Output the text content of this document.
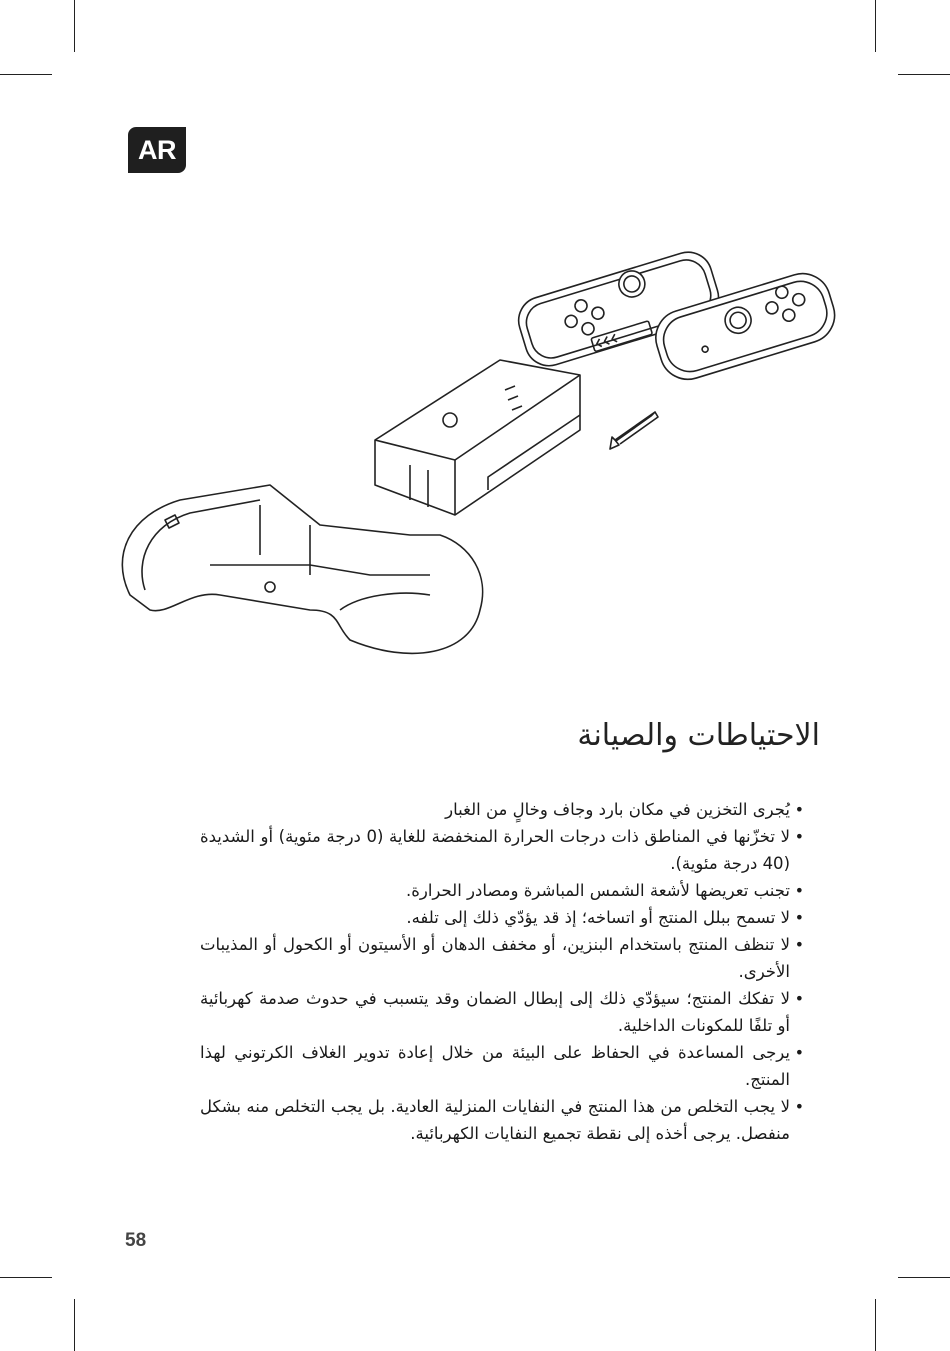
AR
الاحتياطات والصيانة
• يُجرى التخزين في مكان بارد وجاف وخالٍ من الغبار
• لا تخزّنها في المناطق ذات درجات الحرارة المنخفضة للغاية (0 درجة مئوية) أو الشديدة (40 درجة مئوية).
• تجنب تعريضها لأشعة الشمس المباشرة ومصادر الحرارة.
• لا تسمح ببلل المنتج أو اتساخه؛ إذ قد يؤدّي ذلك إلى تلفه.
• لا تنظف المنتج باستخدام البنزين، أو مخفف الدهان أو الأسيتون أو الكحول أو المذيبات الأخرى.
• لا تفكك المنتج؛ سيؤدّي ذلك إلى إبطال الضمان وقد يتسبب في حدوث صدمة كهربائية أو تلفًا للمكونات الداخلية.
• يرجى المساعدة في الحفاظ على البيئة من خلال إعادة تدوير الغلاف الكرتوني لهذا المنتج.
• لا يجب التخلص من هذا المنتج في النفايات المنزلية العادية. بل يجب التخلص منه بشكل منفصل. يرجى أخذه إلى نقطة تجميع النفايات الكهربائية.
58
